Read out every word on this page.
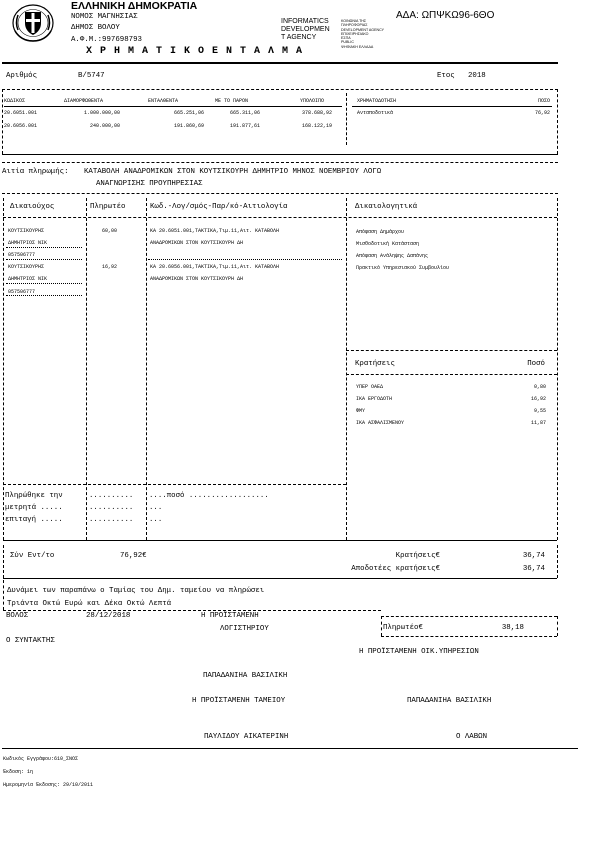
ΕΛΛΗΝΙΚΗ ΔΗΜΟΚΡΑΤΙΑ
ΝΟΜΟΣ ΜΑΓΝΗΣΙΑΣ
ΔΗΜΟΣ ΒΟΛΟΥ
Α.Φ.Μ.:997698793
Χ Ρ Η Μ Α Τ Ι Κ Ο Ε Ν Τ Α Λ Μ Α
INFORMATICS
DEVELOPMEN
T AGENCY
ΚΟΙΝΩΝΙΑ ΤΗΣ
ΠΛΗΡΟΦΟΡΙΑΣ
DEVELOPMENT AGENCY
ΕΠΙΧΕΙΡΗΣΙΑΚΟ
ΕΣΠΑ
PUBLIC
ΨΗΦΙΑΚΗ ΕΛΛΑΔΑ
ΑΔΑ: ΩΠΨΚΩ96-6ΘΟ
Αριθμός	Β/5747	Ετος 2018
ΚΩΔΙΚΟΣ	ΔΙΑΜΟΡΦΩΘΕΝΤΑ	ΕΝΤΑΛΘΕΝΤΑ	ΜΕ ΤΟ ΠΑΡΟΝ	ΥΠΟΛΟΙΠΟ	ΧΡΗΜΑΤΟΔΟΤΗΣΗ	ΠΟΣΟ
20.6051.001	1.000.000,00	665.251,06	665.311,06	378.688,92
20.6056.001	240.000,00	191.860,69	191.877,61	168.122,19
Ανταποδοτικά	76,92
Αιτία πληρωμής: ΚΑΤΑΒΟΛΗ ΑΝΑΔΡΟΜΙΚΩΝ ΣΤΟΝ ΚΟΥΤΣΙΚΟΥΡΗ ΔΗΜΗΤΡΙΟ ΜΗΝΟΣ ΝΟΕΜΒΡΙΟΥ ΛΟΓΩ
ΑΝΑΓΝΩΡΙΣΗΣ ΠΡΟΥΠΗΡΕΣΙΑΣ
Δικαιούχος	Πληρωτέο	Κωδ.-Λογ/σμός-Παρ/κό-Αιτιολογία	Δικαιολογητικά
ΚΟΥΤΣΙΚΟΥΡΗΣ
ΔΗΜΗΤΡΙΟΣ ΝΙΚ
057506777
60,00	ΚΑ 20.6051.001,ΤΑΚΤΙΚΑ,Τιμ.11,Αιτ. ΚΑΤΑΒΟΛΗ
ΑΝΑΔΡΟΜΙΚΩΝ ΣΤΟΝ ΚΟΥΤΣΙΚΟΥΡΗ ΔΗ
ΚΟΥΤΣΙΚΟΥΡΗΣ
ΔΗΜΗΤΡΙΟΣ ΝΙΚ
057506777
16,92	ΚΑ 20.6056.001,ΤΑΚΤΙΚΑ,Τιμ.11,Αιτ. ΚΑΤΑΒΟΛΗ
ΑΝΑΔΡΟΜΙΚΩΝ ΣΤΟΝ ΚΟΥΤΣΙΚΟΥΡΗ ΔΗ
Απόφαση Δημάρχου
Μισθοδοτική Κατάσταση
Απόφαση Ανάληψης Δαπάνης
Πρακτικό Υπηρεσιακού Συμβουλίου
Κρατήσεις	Ποσό
ΥΠΕΡ ΟΑΕΔ	0,80
ΙΚΑ ΕΡΓΟΔΟΤΗ	16,92
ΦΜΥ	9,55
ΙΚΑ ΑΣΦΑΛΙΣΜΕΝΟΥ	11,87
Πληρώθηκε την	.......... ....ποσό ..................
μετρητά .....	.......... ...
επιταγή .....	.......... ...
Σύν Εντ/το	76,92€	Κρατήσεις€	36,74
Αποδοτέες κρατήσεις€	36,74
Δυνάμει των παραπάνω ο Ταμίας του Δημ. ταμείου να πληρώσει
Τριάντα Οκτώ Ευρώ και Δέκα Οκτώ Λεπτά
ΒΟΛΟΣ	28/12/2018	Η ΠΡΟΪΣΤΑΜΕΝΗ
ΛΟΓΙΣΤΗΡΙΟΥ	Πληρωτέο€	38,18
Ο ΣΥΝΤΑΚΤΗΣ
Η ΠΡΟΪΣΤΑΜΕΝΗ ΟΙΚ.ΥΠΗΡΕΣΙΩΝ
ΠΑΠΑΔΑΝΙΗΑ ΒΑΣΙΛΙΚΗ
Η ΠΡΟΪΣΤΑΜΕΝΗ ΤΑΜΕΙΟΥ	ΠΑΠΑΔΑΝΙΗΑ ΒΑΣΙΛΙΚΗ
ΠΑΥΛΙΔΟΥ ΑΙΚΑΤΕΡΙΝΗ	Ο ΛΑΒΩΝ
Κωδικός Εγγράφου:610_ΣΝΟΣ
Έκδοση: 1η
Ημερομηνία Έκδοσης: 29/10/2011
